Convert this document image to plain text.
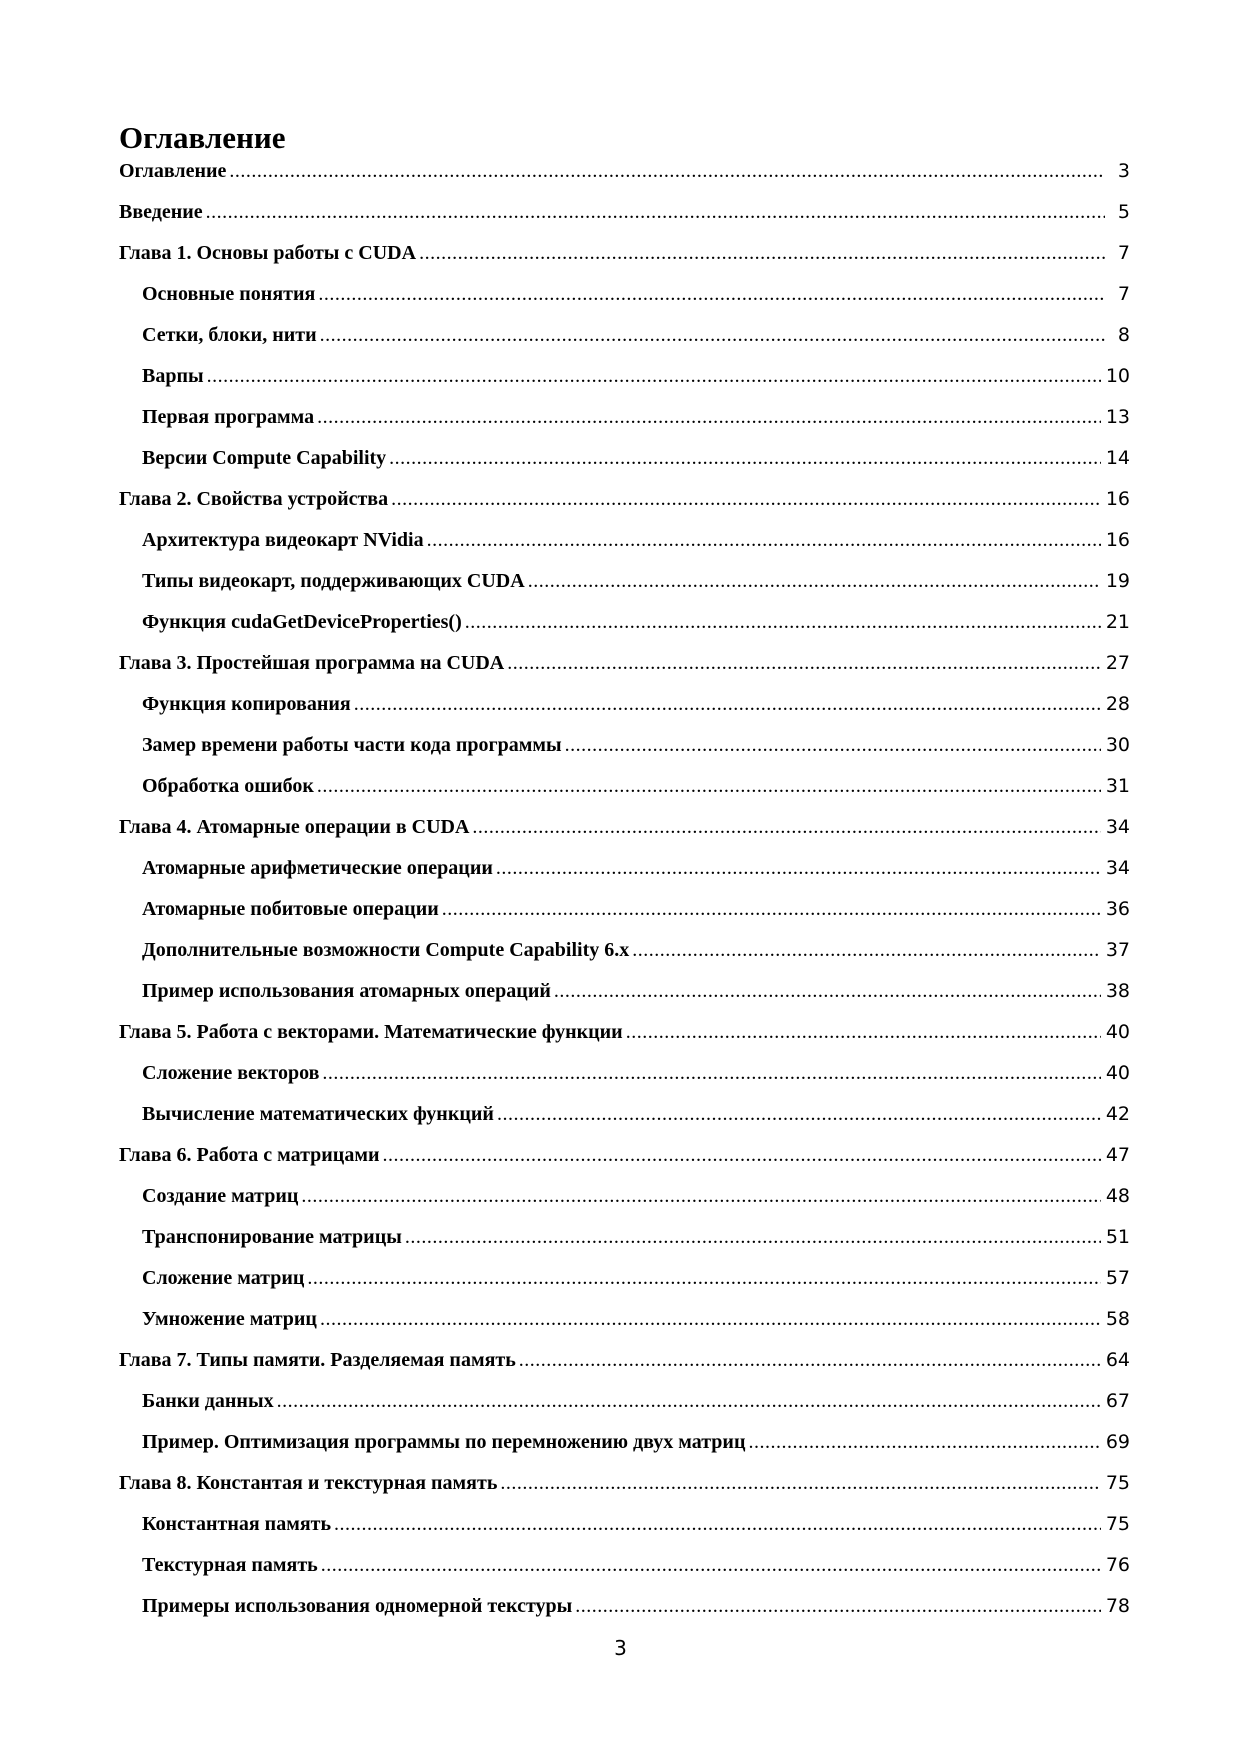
Оглавление
Оглавление .....	3
Введение .....	5
Глава 1. Основы работы с CUDA .....	7
Основные понятия .....	7
Сетки, блоки, нити .....	8
Варпы .....	10
Первая программа .....	13
Версии Compute Capability .....	14
Глава 2. Свойства устройства .....	16
Архитектура видеокарт NVidia .....	16
Типы видеокарт, поддерживающих CUDA .....	19
Функция cudaGetDeviceProperties() .....	21
Глава 3. Простейшая программа на CUDA .....	27
Функция копирования .....	28
Замер времени работы части кода программы .....	30
Обработка ошибок .....	31
Глава 4. Атомарные операции в CUDA .....	34
Атомарные арифметические операции .....	34
Атомарные побитовые операции .....	36
Дополнительные возможности Compute Capability 6.x .....	37
Пример использования атомарных операций .....	38
Глава 5. Работа с векторами. Математические функции .....	40
Сложение векторов .....	40
Вычисление математических функций .....	42
Глава 6. Работа с матрицами .....	47
Создание матриц .....	48
Транспонирование матрицы .....	51
Сложение матриц .....	57
Умножение матриц .....	58
Глава 7. Типы памяти. Разделяемая память .....	64
Банки данных .....	67
Пример. Оптимизация программы по перемножению двух матриц .....	69
Глава 8. Константая и текстурная память .....	75
Константная память .....	75
Текстурная память .....	76
Примеры использования одномерной текстуры .....	78
3
